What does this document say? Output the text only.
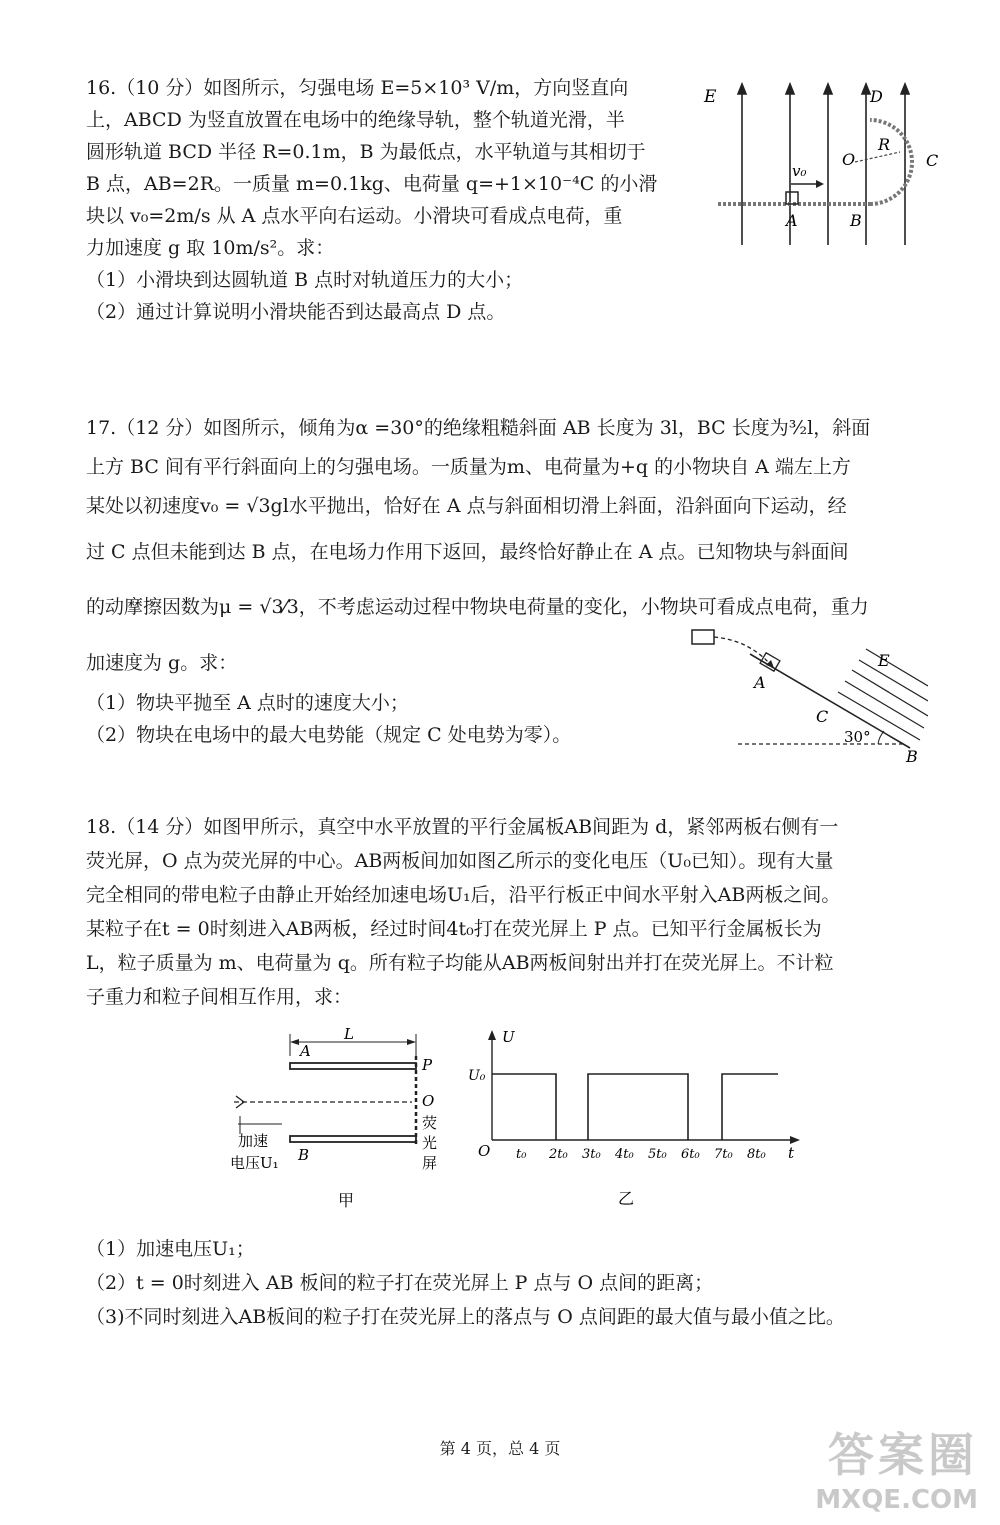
16.（10 分）如图所示，匀强电场 E=5×10³ V/m，方向竖直向

上，ABCD 为竖直放置在电场中的绝缘导轨，整个轨道光滑，半

圆形轨道 BCD 半径 R=0.1m，B 为最低点，水平轨道与其相切于

B 点，AB=2R。一质量 m=0.1kg、电荷量 q=+1×10⁻⁴C 的小滑

块以 v₀=2m/s 从 A 点水平向右运动。小滑块可看成点电荷，重

力加速度 g 取 10m/s²。求：

（1）小滑块到达圆轨道 B 点时对轨道压力的大小；

（2）通过计算说明小滑块能否到达最高点 D 点。

E	D
O
R
C
v₀
A	B

17.（12 分）如图所示，倾角为α =30°的绝缘粗糙斜面 AB 长度为 3l，BC 长度为³⁄₂l，斜面

上方 BC 间有平行斜面向上的匀强电场。一质量为m、电荷量为+q 的小物块自 A 端左上方

某处以初速度v₀ = √3gl水平抛出，恰好在 A 点与斜面相切滑上斜面，沿斜面向下运动，经

过 C 点但未能到达 B 点，在电场力作用下返回，最终恰好静止在 A 点。已知物块与斜面间

的动摩擦因数为μ = √3⁄3，不考虑运动过程中物块电荷量的变化，小物块可看成点电荷，重力

加速度为 g。求：

（1）物块平抛至 A 点时的速度大小；

（2）物块在电场中的最大电势能（规定 C 处电势为零）。

E
A
C
30°
B

18.（14 分）如图甲所示，真空中水平放置的平行金属板AB间距为 d，紧邻两板右侧有一

荧光屏，O 点为荧光屏的中心。AB两板间加如图乙所示的变化电压（U₀已知）。现有大量

完全相同的带电粒子由静止开始经加速电场U₁后，沿平行板正中间水平射入AB两板之间。

某粒子在t = 0时刻进入AB两板，经过时间4t₀打在荧光屏上 P 点。已知平行金属板长为

L，粒子质量为 m、电荷量为 q。所有粒子均能从AB两板间射出并打在荧光屏上。不计粒

子重力和粒子间相互作用，求：

A
L
B
P
O
荧
光
屏
加速
电压U₁
甲
U
U₀
O	t
t₀ 2t₀ 3t₀ 4t₀ 5t₀ 6t₀ 7t₀ 8t₀
乙

（1）加速电压U₁；

（2）t = 0时刻进入 AB 板间的粒子打在荧光屏上 P 点与 O 点间的距离；

（3)不同时刻进入AB板间的粒子打在荧光屏上的落点与 O 点间距的最大值与最小值之比。

第 4 页，总 4 页	答案圈
MXQE.COM
